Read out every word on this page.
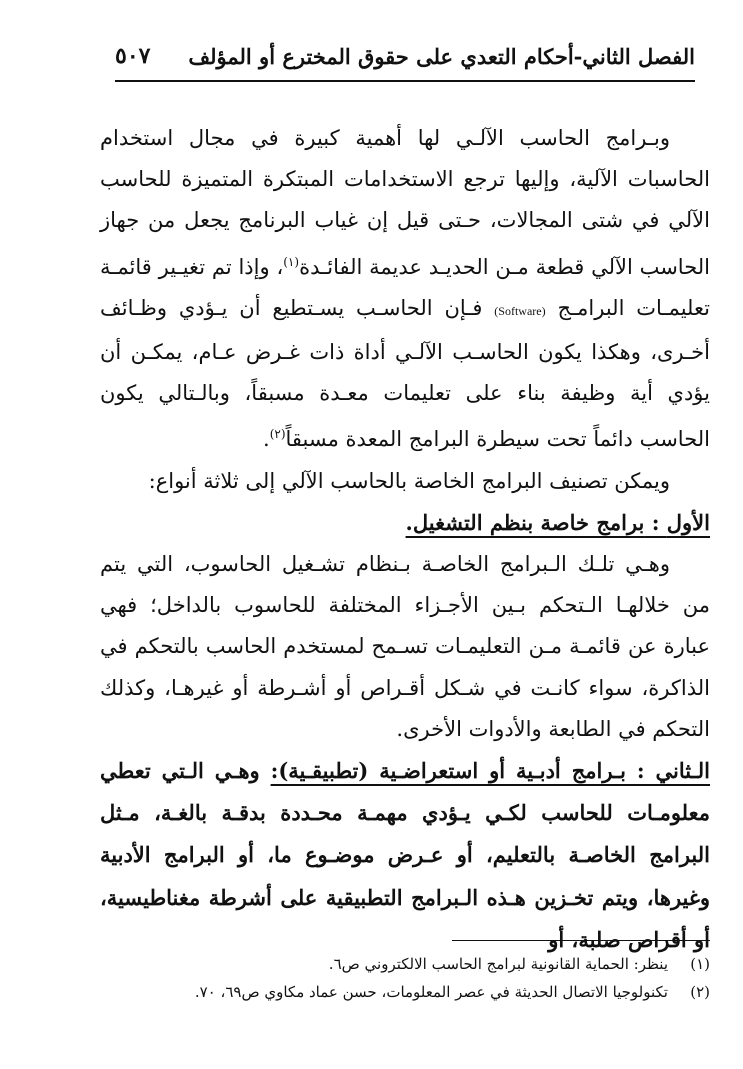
الفصل الثاني-أحكام التعدي على حقوق المخترع أو المؤلف
٥٠٧

وبـرامج الحاسب الآلـي لها أهمية كبيرة في مجال استخدام الحاسبات الآلية، وإليها ترجع الاستخدامات المبتكرة المتميزة للحاسب الآلي في شتى المجالات، حـتى قيل إن غياب البرنامج يجعل من جهاز الحاسب الآلي قطعة مـن الحديـد عديمة الفائـدة$^{(١)}$، وإذا تم تغيـير قائمـة تعليمـات البرامـج (Software) فـإن الحاسـب يسـتطيع أن يـؤدي وظـائف أخـرى، وهكذا يكون الحاسـب الآلـي أداة ذات غـرض عـام، يمكـن أن يؤدي أية وظيفة بناء على تعليمات معـدة مسبقاً، وبالـتالي يكون الحاسب دائماً تحت سيطرة البرامج المعدة مسبقاً$^{(٢)}$.

ويمكن تصنيف البرامج الخاصة بالحاسب الآلي إلى ثلاثة أنواع:

الأول : برامج خاصة بنظم التشغيل.

وهـي تلـك الـبرامج الخاصـة بـنظام تشـغيل الحاسوب، التي يتم من خلالهـا الـتحكم بـين الأجـزاء المختلفة للحاسوب بالداخل؛ فهي عبارة عن قائمـة مـن التعليمـات تسـمح لمستخدم الحاسب بالتحكم في الذاكرة، سواء كانـت في شـكل أقـراص أو أشـرطة أو غيرهـا، وكذلك التحكم في الطابعة والأدوات الأخرى.

الـثاني : بـرامج أدبـية أو استعراضـية (تطبيقـية): وهـي الـتي تعطي معلومـات للحاسب لكـي يـؤدي مهمـة محـددة بدقـة بالغـة، مـثل البرامج الخاصـة بالتعليم، أو عـرض موضـوع ما، أو البرامج الأدبية وغيرها، ويتم تخـزين هـذه الـبرامج التطبيقية على أشرطة مغناطيسية، أو أقراص صلبة، أو

(١)ينظر: الحماية القانونية لبرامج الحاسب الالكتروني ص٦.

(٢)تكنولوجيا الاتصال الحديثة في عصر المعلومات، حسن عماد مكاوي ص٦٩، ٧٠.
